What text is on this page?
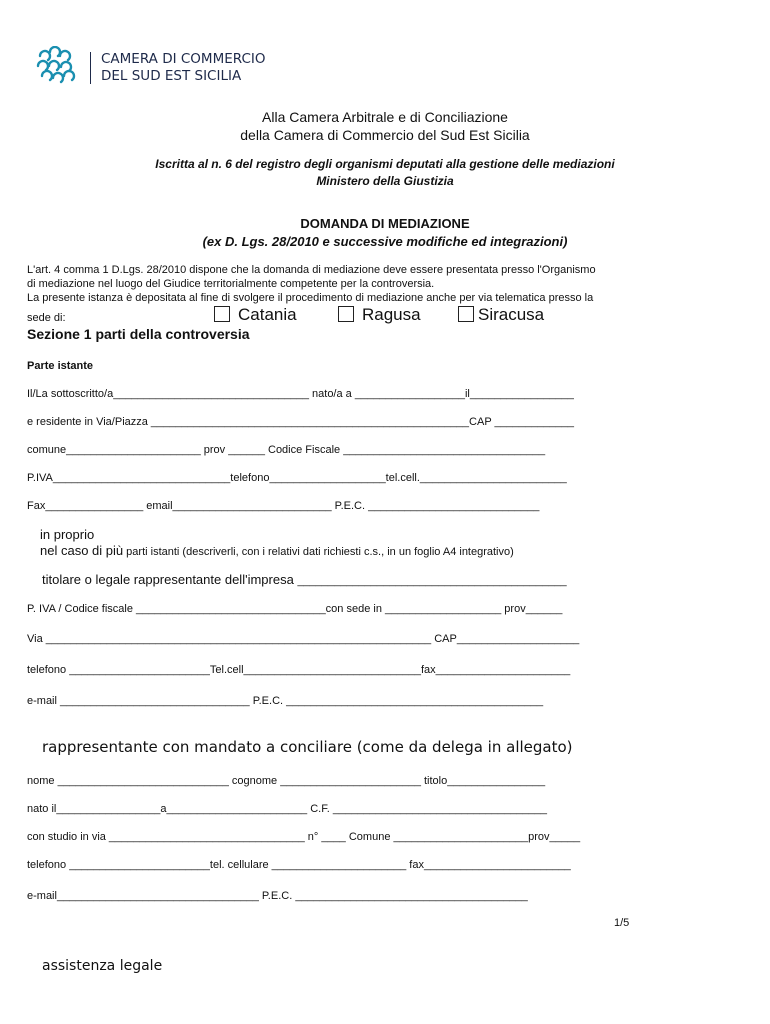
CAMERA DI COMMERCIO
DEL SUD EST SICILIA
Alla Camera Arbitrale e di Conciliazione
della Camera di Commercio del Sud Est Sicilia
Iscritta al n. 6 del registro degli organismi deputati alla gestione delle mediazioni
Ministero della Giustizia
DOMANDA DI MEDIAZIONE
(ex D. Lgs. 28/2010 e successive modifiche ed integrazioni)
L'art. 4 comma 1 D.Lgs. 28/2010 dispone che la domanda di mediazione deve essere presentata presso l'Organismo
di mediazione nel luogo del Giudice territorialmente competente per la controversia.
La presente istanza è depositata al fine di svolgere il procedimento di mediazione anche per via telematica presso la
sede di:	Catania	Ragusa	Siracusa
Sezione 1 parti della controversia
Parte istante
Il/La sottoscritto/a________________________________ nato/a a __________________il_________________
e residente in Via/Piazza ____________________________________________________CAP _____________
comune______________________ prov ______ Codice Fiscale _________________________________
P.IVA_____________________________telefono___________________tel.cell.________________________
Fax________________ email__________________________ P.E.C. ____________________________
in proprio
nel caso di più parti istanti (descriverli, con i relativi dati richiesti c.s., in un foglio A4 integrativo)
titolare o legale rappresentante dell'impresa ____________________________________________
P. IVA / Codice fiscale _______________________________con sede in ___________________ prov______
Via _______________________________________________________________ CAP____________________
telefono _______________________Tel.cell_____________________________fax______________________
e-mail _______________________________ P.E.C. __________________________________________
rappresentante con mandato a conciliare (come da delega in allegato)
nome ____________________________ cognome _______________________ titolo________________
nato il_________________a_______________________ C.F. ___________________________________
con studio in via ________________________________ n° ____ Comune ______________________prov_____
telefono _______________________tel. cellulare ______________________ fax________________________
e-mail_________________________________ P.E.C. ______________________________________
1/5
assistenza legale
